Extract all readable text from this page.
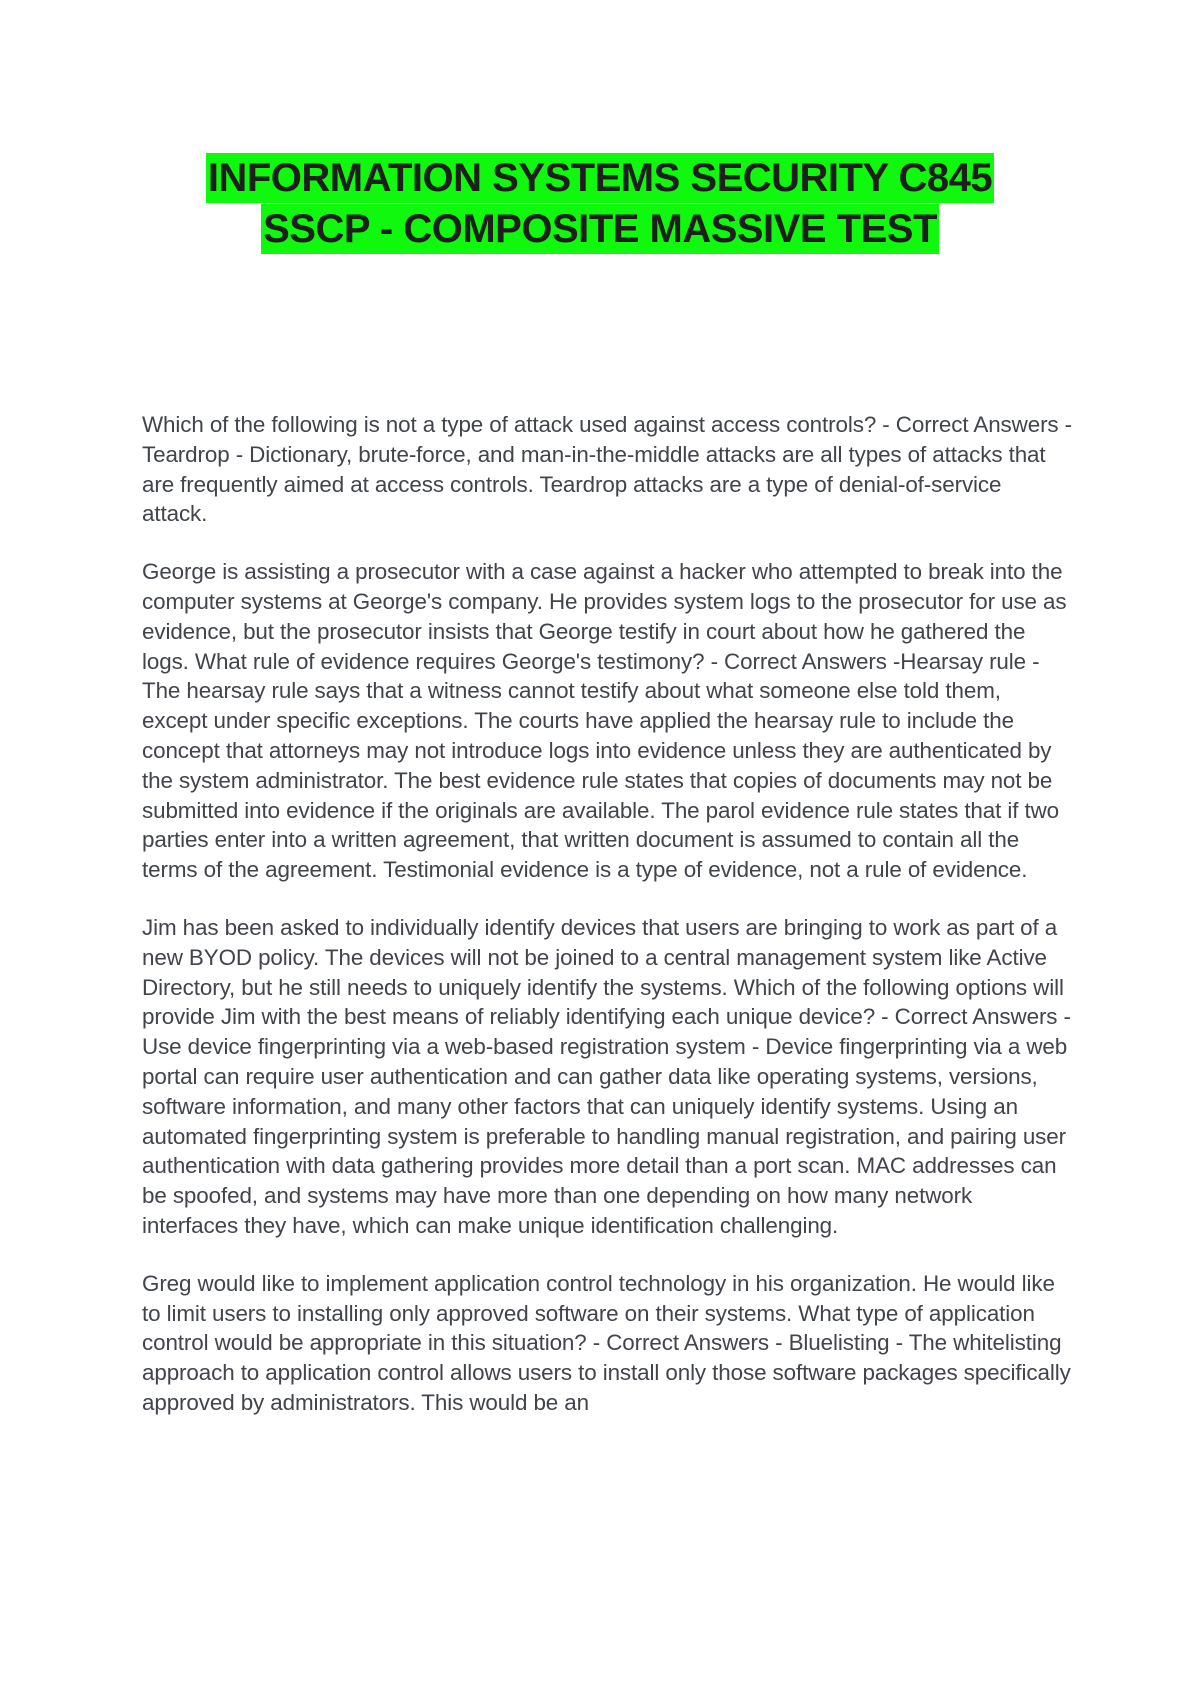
INFORMATION SYSTEMS SECURITY C845
SSCP - COMPOSITE MASSIVE TEST

Which of the following is not a type of attack used against access controls? - Correct Answers -Teardrop - Dictionary, brute-force, and man-in-the-middle attacks are all types of attacks that are frequently aimed at access controls. Teardrop attacks are a type of denial-of-service attack.

George is assisting a prosecutor with a case against a hacker who attempted to break into the computer systems at George's company. He provides system logs to the prosecutor for use as evidence, but the prosecutor insists that George testify in court about how he gathered the logs. What rule of evidence requires George's testimony? - Correct Answers -Hearsay rule - The hearsay rule says that a witness cannot testify about what someone else told them, except under specific exceptions. The courts have applied the hearsay rule to include the concept that attorneys may not introduce logs into evidence unless they are authenticated by the system administrator. The best evidence rule states that copies of documents may not be submitted into evidence if the originals are available. The parol evidence rule states that if two parties enter into a written agreement, that written document is assumed to contain all the terms of the agreement. Testimonial evidence is a type of evidence, not a rule of evidence.

Jim has been asked to individually identify devices that users are bringing to work as part of a new BYOD policy. The devices will not be joined to a central management system like Active Directory, but he still needs to uniquely identify the systems. Which of the following options will provide Jim with the best means of reliably identifying each unique device? - Correct Answers -Use device fingerprinting via a web-based registration system - Device fingerprinting via a web portal can require user authentication and can gather data like operating systems, versions, software information, and many other factors that can uniquely identify systems. Using an automated fingerprinting system is preferable to handling manual registration, and pairing user authentication with data gathering provides more detail than a port scan. MAC addresses can be spoofed, and systems may have more than one depending on how many network interfaces they have, which can make unique identification challenging.

Greg would like to implement application control technology in his organization. He would like to limit users to installing only approved software on their systems. What type of application control would be appropriate in this situation? - Correct Answers - Bluelisting - The whitelisting approach to application control allows users to install only those software packages specifically approved by administrators. This would be an
